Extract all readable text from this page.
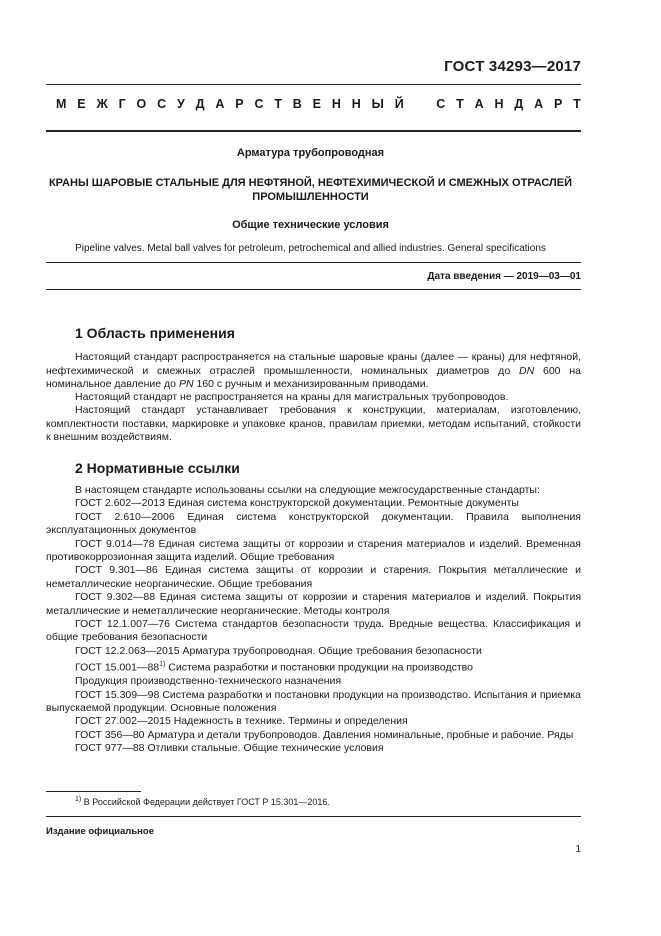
ГОСТ 34293—2017
М Е Ж Г О С У Д А Р С Т В Е Н Н Ы Й	С Т А Н Д А Р Т
Арматура трубопроводная
КРАНЫ ШАРОВЫЕ СТАЛЬНЫЕ ДЛЯ НЕФТЯНОЙ, НЕФТЕХИМИЧЕСКОЙ И СМЕЖНЫХ ОТРАСЛЕЙ ПРОМЫШЛЕННОСТИ
Общие технические условия
Pipeline valves. Metal ball valves for petroleum, petrochemical and allied industries. General specifications
Дата введения — 2019—03—01
1 Область применения
Настоящий стандарт распространяется на стальные шаровые краны (далее — краны) для нефтяной, нефтехимической и смежных отраслей промышленности, номинальных диаметров до DN 600 на номинальное давление до PN 160 с ручным и механизированным приводами.
Настоящий стандарт не распространяется на краны для магистральных трубопроводов.
Настоящий стандарт устанавливает требования к конструкции, материалам, изготовлению, комплектности поставки, маркировке и упаковке кранов, правилам приемки, методам испытаний, стойкости к внешним воздействиям.
2 Нормативные ссылки
В настоящем стандарте использованы ссылки на следующие межгосударственные стандарты:
ГОСТ 2.602—2013 Единая система конструкторской документации. Ремонтные документы
ГОСТ 2.610—2006 Единая система конструкторской документации. Правила выполнения эксплуатационных документов
ГОСТ 9.014—78 Единая система защиты от коррозии и старения материалов и изделий. Временная противокоррозионная защита изделий. Общие требования
ГОСТ 9.301—86 Единая система защиты от коррозии и старения. Покрытия металлические и неметаллические неорганические. Общие требования
ГОСТ 9.302—88 Единая система защиты от коррозии и старения материалов и изделий. Покрытия металлические и неметаллические неорганические. Методы контроля
ГОСТ 12.1.007—76 Система стандартов безопасности труда. Вредные вещества. Классификация и общие требования безопасности
ГОСТ 12.2.063—2015 Арматура трубопроводная. Общие требования безопасности
ГОСТ 15.001—88$^{1)}$ Система разработки и постановки продукции на производство
Продукция производственно-технического назначения
ГОСТ 15.309—98 Система разработки и постановки продукции на производство. Испытания и приемка выпускаемой продукции. Основные положения
ГОСТ 27.002—2015 Надежность в технике. Термины и определения
ГОСТ 356—80 Арматура и детали трубопроводов. Давления номинальные, пробные и рабочие. Ряды
ГОСТ 977—88 Отливки стальные. Общие технические условия
$^{1)}$ В Российской Федерации действует ГОСТ Р 15.301—2016.
Издание официальное
1
